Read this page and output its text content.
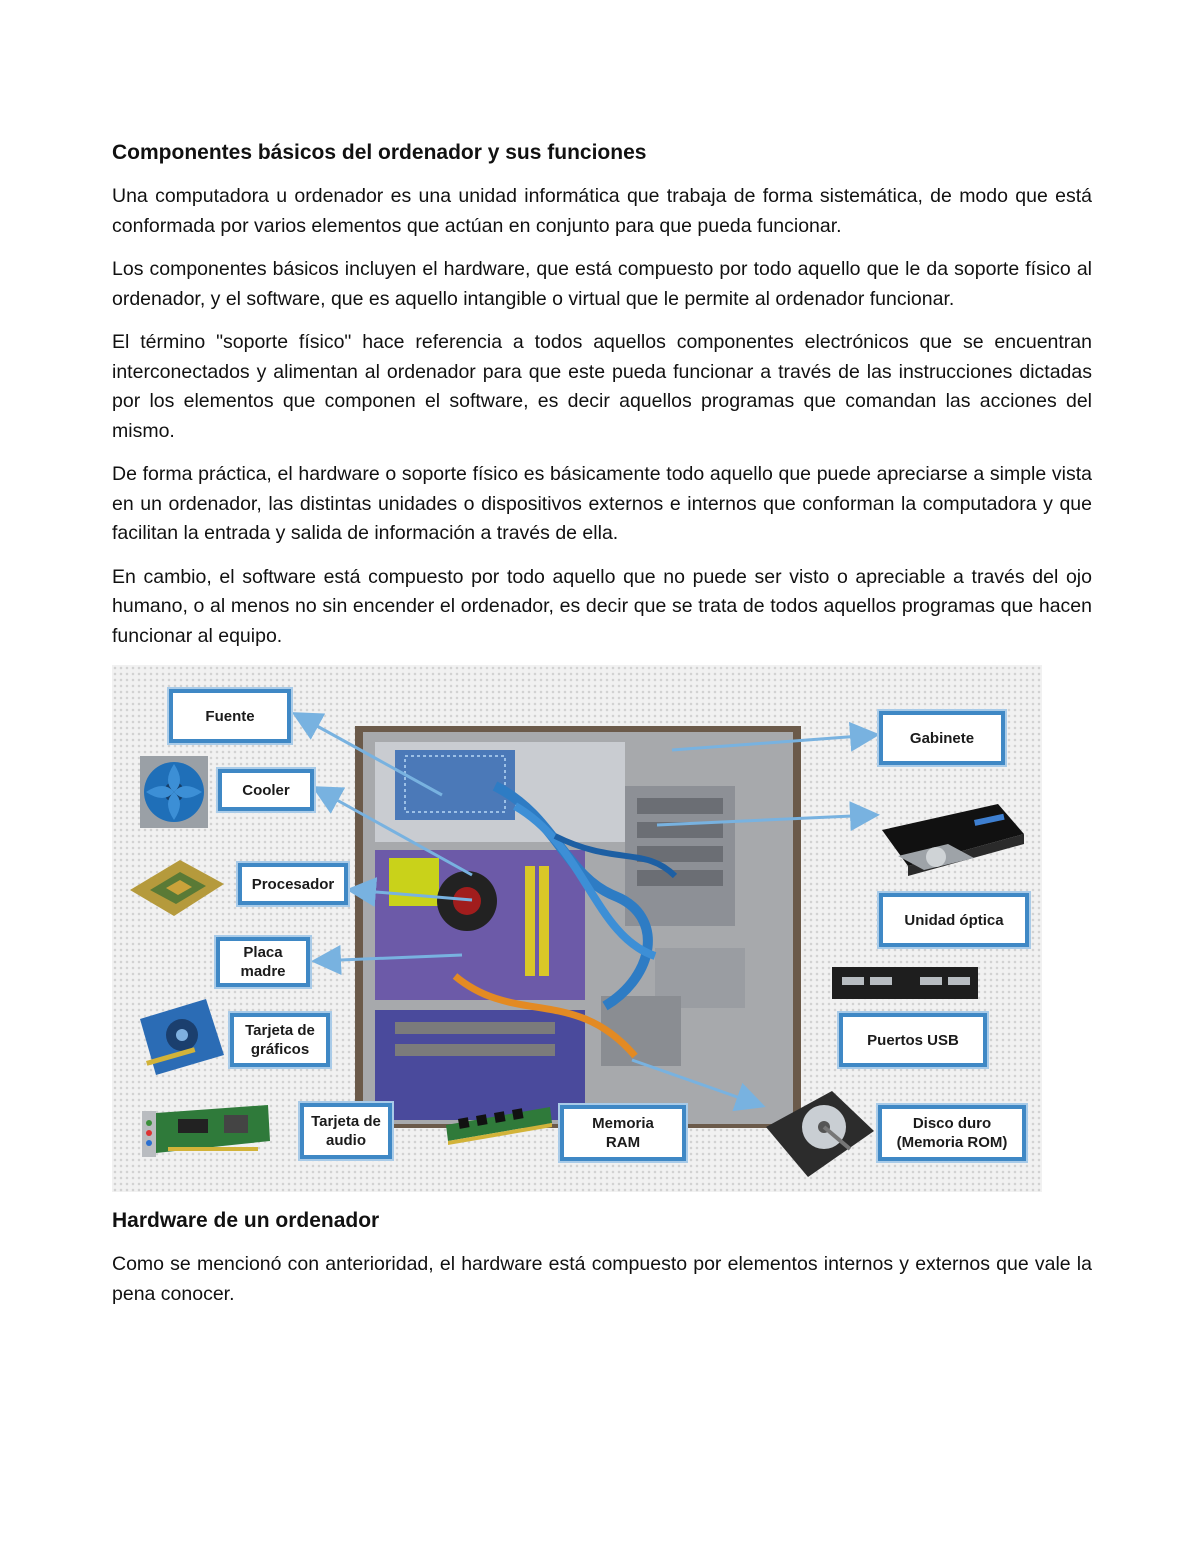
Componentes básicos del ordenador y sus funciones

Una computadora u ordenador es una unidad informática que trabaja de forma sistemática, de modo que está conformada por varios elementos que actúan en conjunto para que pueda funcionar.

Los componentes básicos incluyen el hardware, que está compuesto por todo aquello que le da soporte físico al ordenador, y el software, que es aquello intangible o virtual que le permite al ordenador funcionar.

El término "soporte físico" hace referencia a todos aquellos componentes electrónicos que se encuentran interconectados y alimentan al ordenador para que este pueda funcionar a través de las instrucciones dictadas por los elementos que componen el software, es decir aquellos programas que comandan las acciones del mismo.

De forma práctica, el hardware o soporte físico es básicamente todo aquello que puede apreciarse a simple vista en un ordenador, las distintas unidades o dispositivos externos e internos que conforman la computadora y que facilitan la entrada y salida de información a través de ella.

En cambio, el software está compuesto por todo aquello que no puede ser visto o apreciable a través del ojo humano, o al menos no sin encender el ordenador, es decir que se trata de todos aquellos programas que hacen funcionar al equipo.

Fuente
Cooler
Procesador
Placa
madre
Tarjeta de
gráficos
Tarjeta de
audio
Memoria
RAM
Gabinete
Unidad óptica
Puertos USB
Disco duro
(Memoria ROM)
Hardware de un ordenador

Como se mencionó con anterioridad, el hardware está compuesto por elementos internos y externos que vale la pena conocer.
